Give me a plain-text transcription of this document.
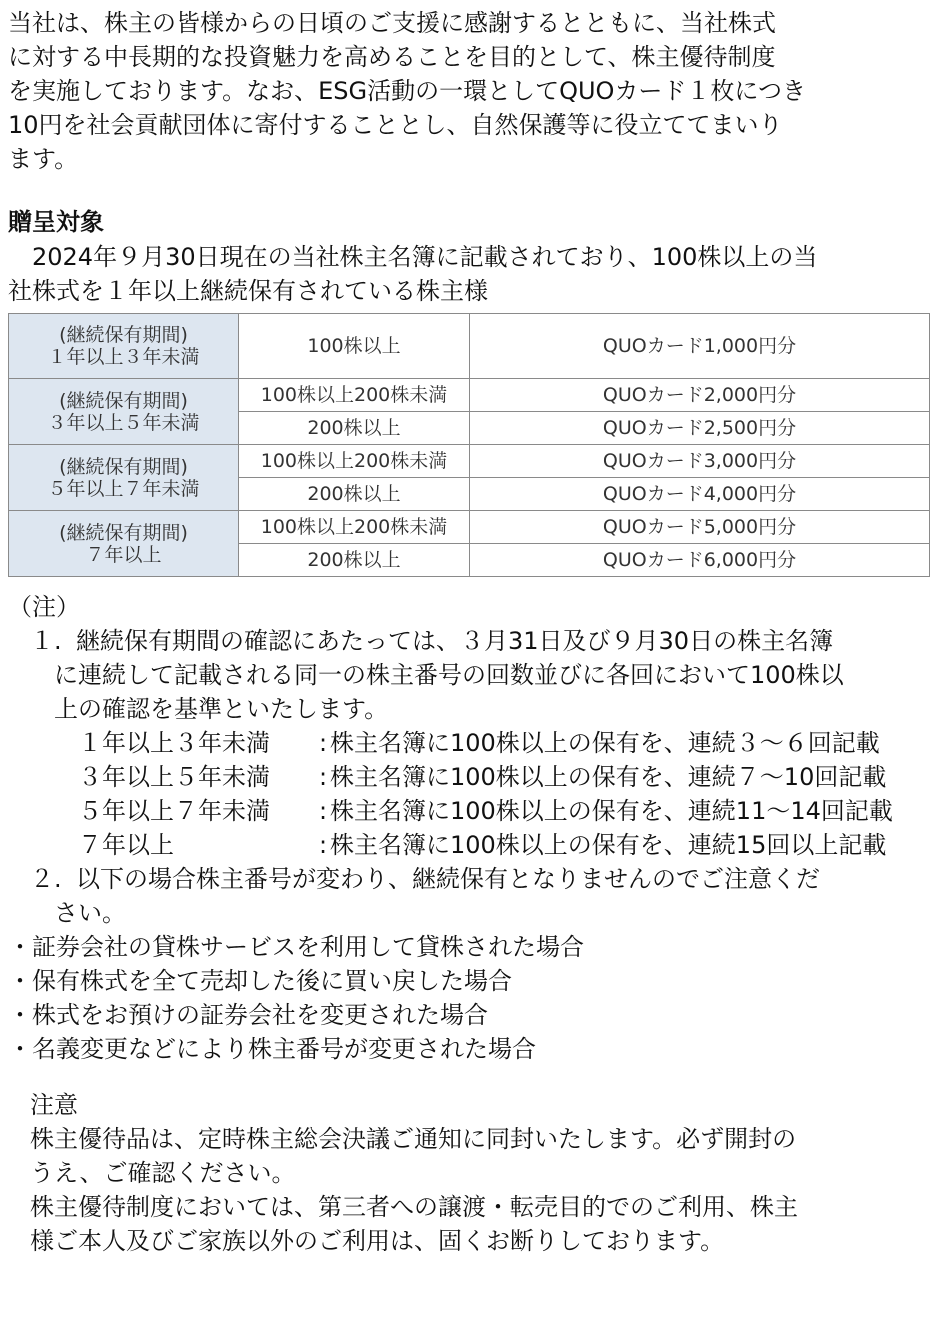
当社は、株主の皆様からの日頃のご支援に感謝するとともに、当社株式

に対する中長期的な投資魅力を高めることを目的として、株主優待制度

を実施しております。なお、ESG活動の一環としてQUOカード１枚につき

10円を社会貢献団体に寄付することとし、自然保護等に役立ててまいり

ます。

贈呈対象

　2024年９月30日現在の当社株主名簿に記載されており、100株以上の当

社株式を１年以上継続保有されている株主様

(継続保有期間)
１年以上３年未満	100株以上	QUOカード1,000円分

(継続保有期間)
３年以上５年未満	100株以上200株未満	QUOカード2,000円分
	200株以上	QUOカード2,500円分

(継続保有期間)
５年以上７年未満	100株以上200株未満	QUOカード3,000円分
	200株以上	QUOカード4,000円分

(継続保有期間)
７年以上	100株以上200株未満	QUOカード5,000円分
	200株以上	QUOカード6,000円分

（注）

１. 継続保有期間の確認にあたっては、３月31日及び９月30日の株主名簿

に連続して記載される同一の株主番号の回数並びに各回において100株以

上の確認を基準といたします。

１年以上３年未満	: 株主名簿に100株以上の保有を、連続３～６回記載
３年以上５年未満	: 株主名簿に100株以上の保有を、連続７～10回記載
５年以上７年未満	: 株主名簿に100株以上の保有を、連続11～14回記載
７年以上	: 株主名簿に100株以上の保有を、連続15回以上記載

２. 以下の場合株主番号が変わり、継続保有となりませんのでご注意くだ

さい。

・証券会社の貸株サービスを利用して貸株された場合

・保有株式を全て売却した後に買い戻した場合

・株式をお預けの証券会社を変更された場合

・名義変更などにより株主番号が変更された場合

注意

株主優待品は、定時株主総会決議ご通知に同封いたします。必ず開封の

うえ、ご確認ください。

株主優待制度においては、第三者への譲渡・転売目的でのご利用、株主

様ご本人及びご家族以外のご利用は、固くお断りしております。
